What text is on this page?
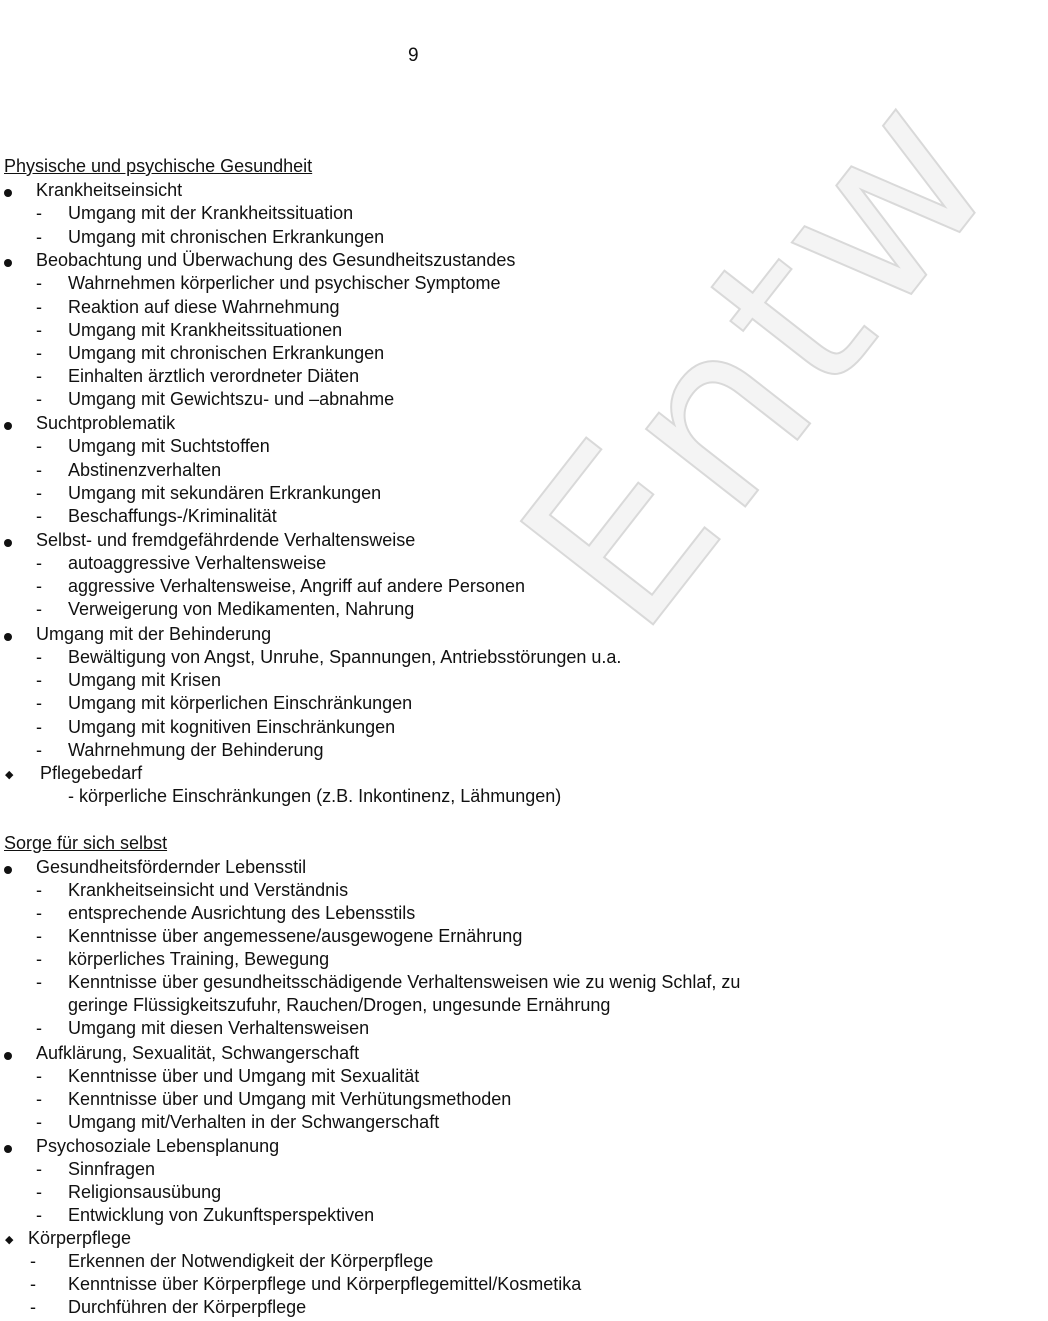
Entw
9
Physische und psychische Gesundheit
Krankheitseinsicht
- Umgang mit der Krankheitssituation
- Umgang mit chronischen Erkrankungen
Beobachtung und Überwachung des Gesundheitszustandes
- Wahrnehmen körperlicher und psychischer Symptome
- Reaktion auf diese Wahrnehmung
- Umgang mit Krankheitssituationen
- Umgang mit chronischen Erkrankungen
- Einhalten ärztlich verordneter Diäten
- Umgang mit Gewichtszu- und –abnahme
Suchtproblematik
- Umgang mit Suchtstoffen
- Abstinenzverhalten
- Umgang mit sekundären Erkrankungen
- Beschaffungs-/Kriminalität
Selbst- und fremdgefährdende Verhaltensweise
- autoaggressive Verhaltensweise
- aggressive Verhaltensweise, Angriff auf andere Personen
- Verweigerung von Medikamenten, Nahrung
Umgang mit der Behinderung
- Bewältigung von Angst, Unruhe, Spannungen, Antriebsstörungen u.a.
- Umgang mit Krisen
- Umgang mit körperlichen Einschränkungen
- Umgang mit kognitiven Einschränkungen
- Wahrnehmung der Behinderung
◆ Pflegebedarf
- körperliche Einschränkungen (z.B. Inkontinenz, Lähmungen)
Sorge für sich selbst
Gesundheitsfördernder Lebensstil
- Krankheitseinsicht und Verständnis
- entsprechende Ausrichtung des Lebensstils
- Kenntnisse über angemessene/ausgewogene Ernährung
- körperliches Training, Bewegung
- Kenntnisse über gesundheitsschädigende Verhaltensweisen wie zu wenig Schlaf, zu
geringe Flüssigkeitszufuhr, Rauchen/Drogen, ungesunde Ernährung
- Umgang mit diesen Verhaltensweisen
Aufklärung, Sexualität, Schwangerschaft
- Kenntnisse über und Umgang mit Sexualität
- Kenntnisse über und Umgang mit Verhütungsmethoden
- Umgang mit/Verhalten in der Schwangerschaft
Psychosoziale Lebensplanung
- Sinnfragen
- Religionsausübung
- Entwicklung von Zukunftsperspektiven
◆ Körperpflege
- Erkennen der Notwendigkeit der Körperpflege
- Kenntnisse über Körperpflege und Körperpflegemittel/Kosmetika
- Durchführen der Körperpflege
